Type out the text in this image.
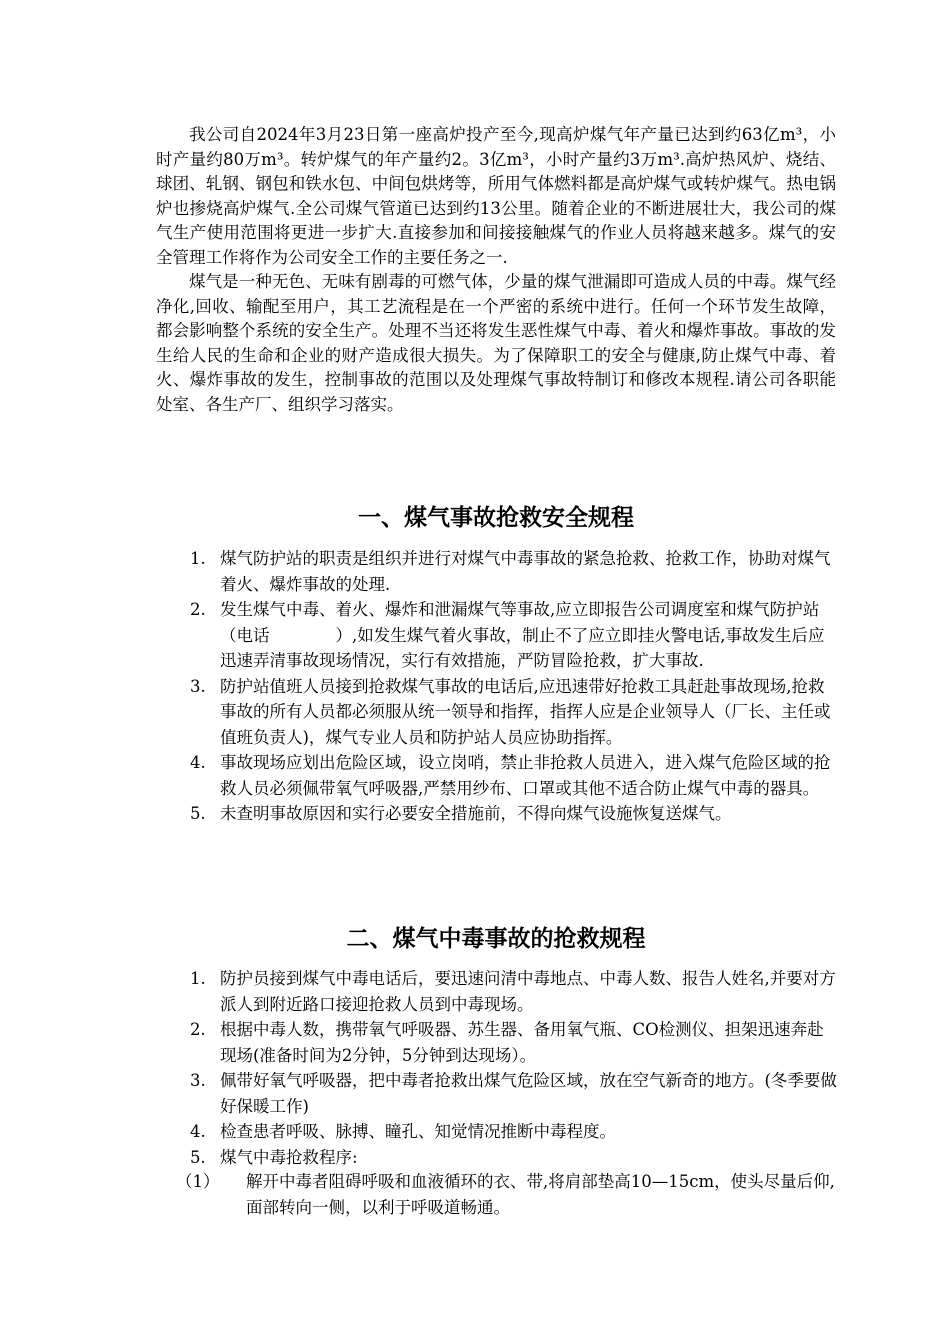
我公司自2024年3月23日第一座高炉投产至今,现高炉煤气年产量已达到约63亿m³，小时产量约80万m³。转炉煤气的年产量约2。3亿m³，小时产量约3万m³.高炉热风炉、烧结、球团、轧钢、钢包和铁水包、中间包烘烤等，所用气体燃料都是高炉煤气或转炉煤气。热电锅炉也掺烧高炉煤气.全公司煤气管道已达到约13公里。随着企业的不断进展壮大，我公司的煤气生产使用范围将更进一步扩大.直接参加和间接接触煤气的作业人员将越来越多。煤气的安全管理工作将作为公司安全工作的主要任务之一.

煤气是一种无色、无味有剧毒的可燃气体，少量的煤气泄漏即可造成人员的中毒。煤气经净化,回收、输配至用户，其工艺流程是在一个严密的系统中进行。任何一个环节发生故障，都会影响整个系统的安全生产。处理不当还将发生恶性煤气中毒、着火和爆炸事故。事故的发生给人民的生命和企业的财产造成很大损失。为了保障职工的安全与健康,防止煤气中毒、着火、爆炸事故的发生，控制事故的范围以及处理煤气事故特制订和修改本规程.请公司各职能处室、各生产厂、组织学习落实。

一、煤气事故抢救安全规程
1. 煤气防护站的职责是组织并进行对煤气中毒事故的紧急抢救、抢救工作，协助对煤气着火、爆炸事故的处理.
2. 发生煤气中毒、着火、爆炸和泄漏煤气等事故,应立即报告公司调度室和煤气防护站（电话　　　　）,如发生煤气着火事故，制止不了应立即挂火警电话,事故发生后应迅速弄清事故现场情况，实行有效措施，严防冒险抢救，扩大事故.
3. 防护站值班人员接到抢救煤气事故的电话后,应迅速带好抢救工具赶赴事故现场,抢救事故的所有人员都必须服从统一领导和指挥，指挥人应是企业领导人（厂长、主任或值班负责人)，煤气专业人员和防护站人员应协助指挥。
4. 事故现场应划出危险区域，设立岗哨，禁止非抢救人员进入，进入煤气危险区域的抢救人员必须佩带氧气呼吸器,严禁用纱布、口罩或其他不适合防止煤气中毒的器具。
5. 未查明事故原因和实行必要安全措施前，不得向煤气设施恢复送煤气。
二、煤气中毒事故的抢救规程
1. 防护员接到煤气中毒电话后，要迅速问清中毒地点、中毒人数、报告人姓名,并要对方派人到附近路口接迎抢救人员到中毒现场。
2. 根据中毒人数，携带氧气呼吸器、苏生器、备用氧气瓶、CO检测仪、担架迅速奔赴现场(准备时间为2分钟，5分钟到达现场）。
3. 佩带好氧气呼吸器，把中毒者抢救出煤气危险区域，放在空气新奇的地方。(冬季要做好保暖工作)
4. 检查患者呼吸、脉搏、瞳孔、知觉情况推断中毒程度。
5. 煤气中毒抢救程序:
（1） 解开中毒者阻碍呼吸和血液循环的衣、带,将肩部垫高10—15cm，使头尽量后仰,面部转向一侧，以利于呼吸道畅通。
